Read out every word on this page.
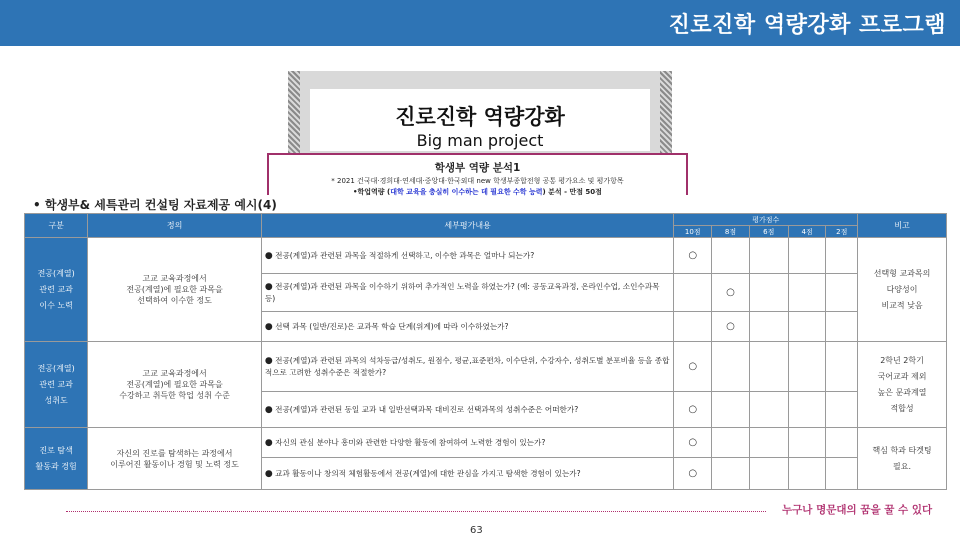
진로진학 역량강화 프로그램
진로진학 역량강화
Big man project
학생부 역량 분석1
* 2021 건국대·경희대·연세대·중앙대·한국외대 new 학생부종합전형 공통 평가요소 및 평가항목
•학업역량 (대학 교육을 충실히 이수하는 데 필요한 수학 능력) 분석 - 만점 50점
• 학생부& 세특관리 컨설팅 자료제공 예시(4)
구분	정의	세부평가내용	평가점수					비고
			10점	8점	6점	4점	2점	
전공(계열)
관련 교과
이수 노력	고교 교육과정에서
전공(계열)에 필요한 과목을
선택하여 이수한 정도	● 전공(계열)과 관련된 과목을 적절하게 선택하고, 이수한 과목은 얼마나 되는가?	○					선택형 교과목의
다양성이
비교적 낮음
		● 전공(계열)과 관련된 과목을 이수하기 위하여 추가적인 노력을 하였는가? (예: 공동교육과정, 온라인수업, 소인수과목 등)		○				
		● 선택 과목 (일반/진로)은 교과목 학습 단계(위계)에 따라 이수하였는가?		○				
전공(계열)
관련 교과
성취도	고교 교육과정에서
전공(계열)에 필요한 과목을
수강하고 취득한 학업 성취 수준	● 전공(계열)과 관련된 과목의 석차등급/성취도, 원점수, 평균,표준편차, 이수단위, 수강자수, 성취도별 분포비율 등을 종합적으로 고려한 성취수준은 적절한가?	○					2학년 2학기
국어교과 제외
높은 문과계열
적합성
		● 전공(계열)과 관련된 동일 교과 내 일반선택과목 대비진로 선택과목의 성취수준은 어떠한가?	○					
진로 탐색
활동과 경험	자신의 진로를 탐색하는 과정에서
이루어진 활동이나 경험 및 노력 정도	● 자신의 관심 분야나 흥미와 관련한 다양한 활동에 참여하여 노력한 경험이 있는가?	○					핵심 학과 타겟팅
필요.
		● 교과 활동이나 창의적 체험활동에서 전공(계열)에 대한 관심을 가지고 탐색한 경험이 있는가?	○					
누구나 명문대의 꿈을 꿀 수 있다
63
